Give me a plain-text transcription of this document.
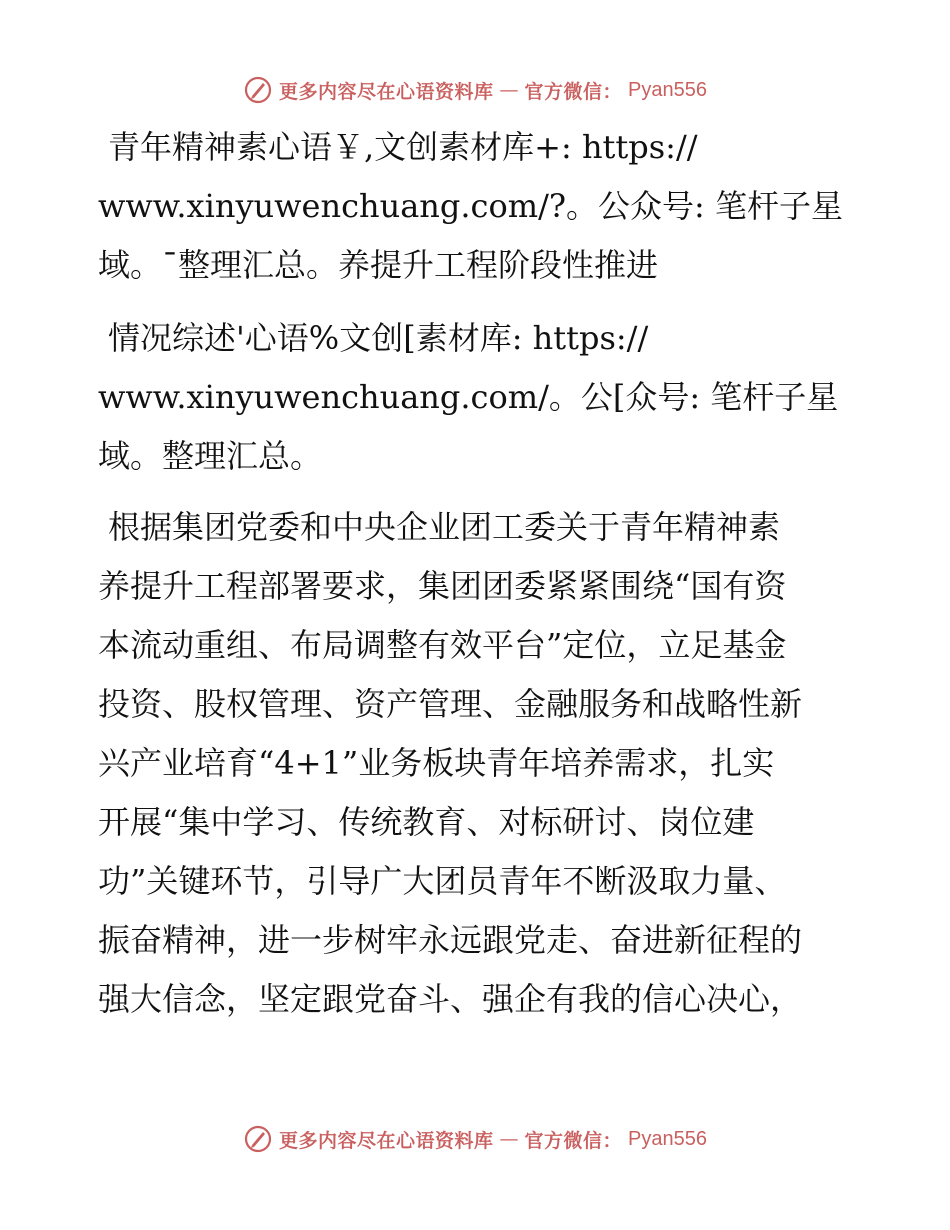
更多内容尽在心语资料库 — 官方微信： Pyan556

青年精神素心语￥,文创素材库+: https://
www.xinyuwenchuang.com/?。公众号: 笔杆子星
域。¯整理汇总。养提升工程阶段性推进

情况综述'心语%文创[素材库: https://
www.xinyuwenchuang.com/。公[众号: 笔杆子星
域。整理汇总。

根据集团党委和中央企业团工委关于青年精神素
养提升工程部署要求，集团团委紧紧围绕“国有资
本流动重组、布局调整有效平台”定位，立足基金
投资、股权管理、资产管理、金融服务和战略性新
兴产业培育“4+1”业务板块青年培养需求，扎实
开展“集中学习、传统教育、对标研讨、岗位建
功”关键环节，引导广大团员青年不断汲取力量、
振奋精神，进一步树牢永远跟党走、奋进新征程的
强大信念，坚定跟党奋斗、强企有我的信心决心，

更多内容尽在心语资料库 — 官方微信： Pyan556
